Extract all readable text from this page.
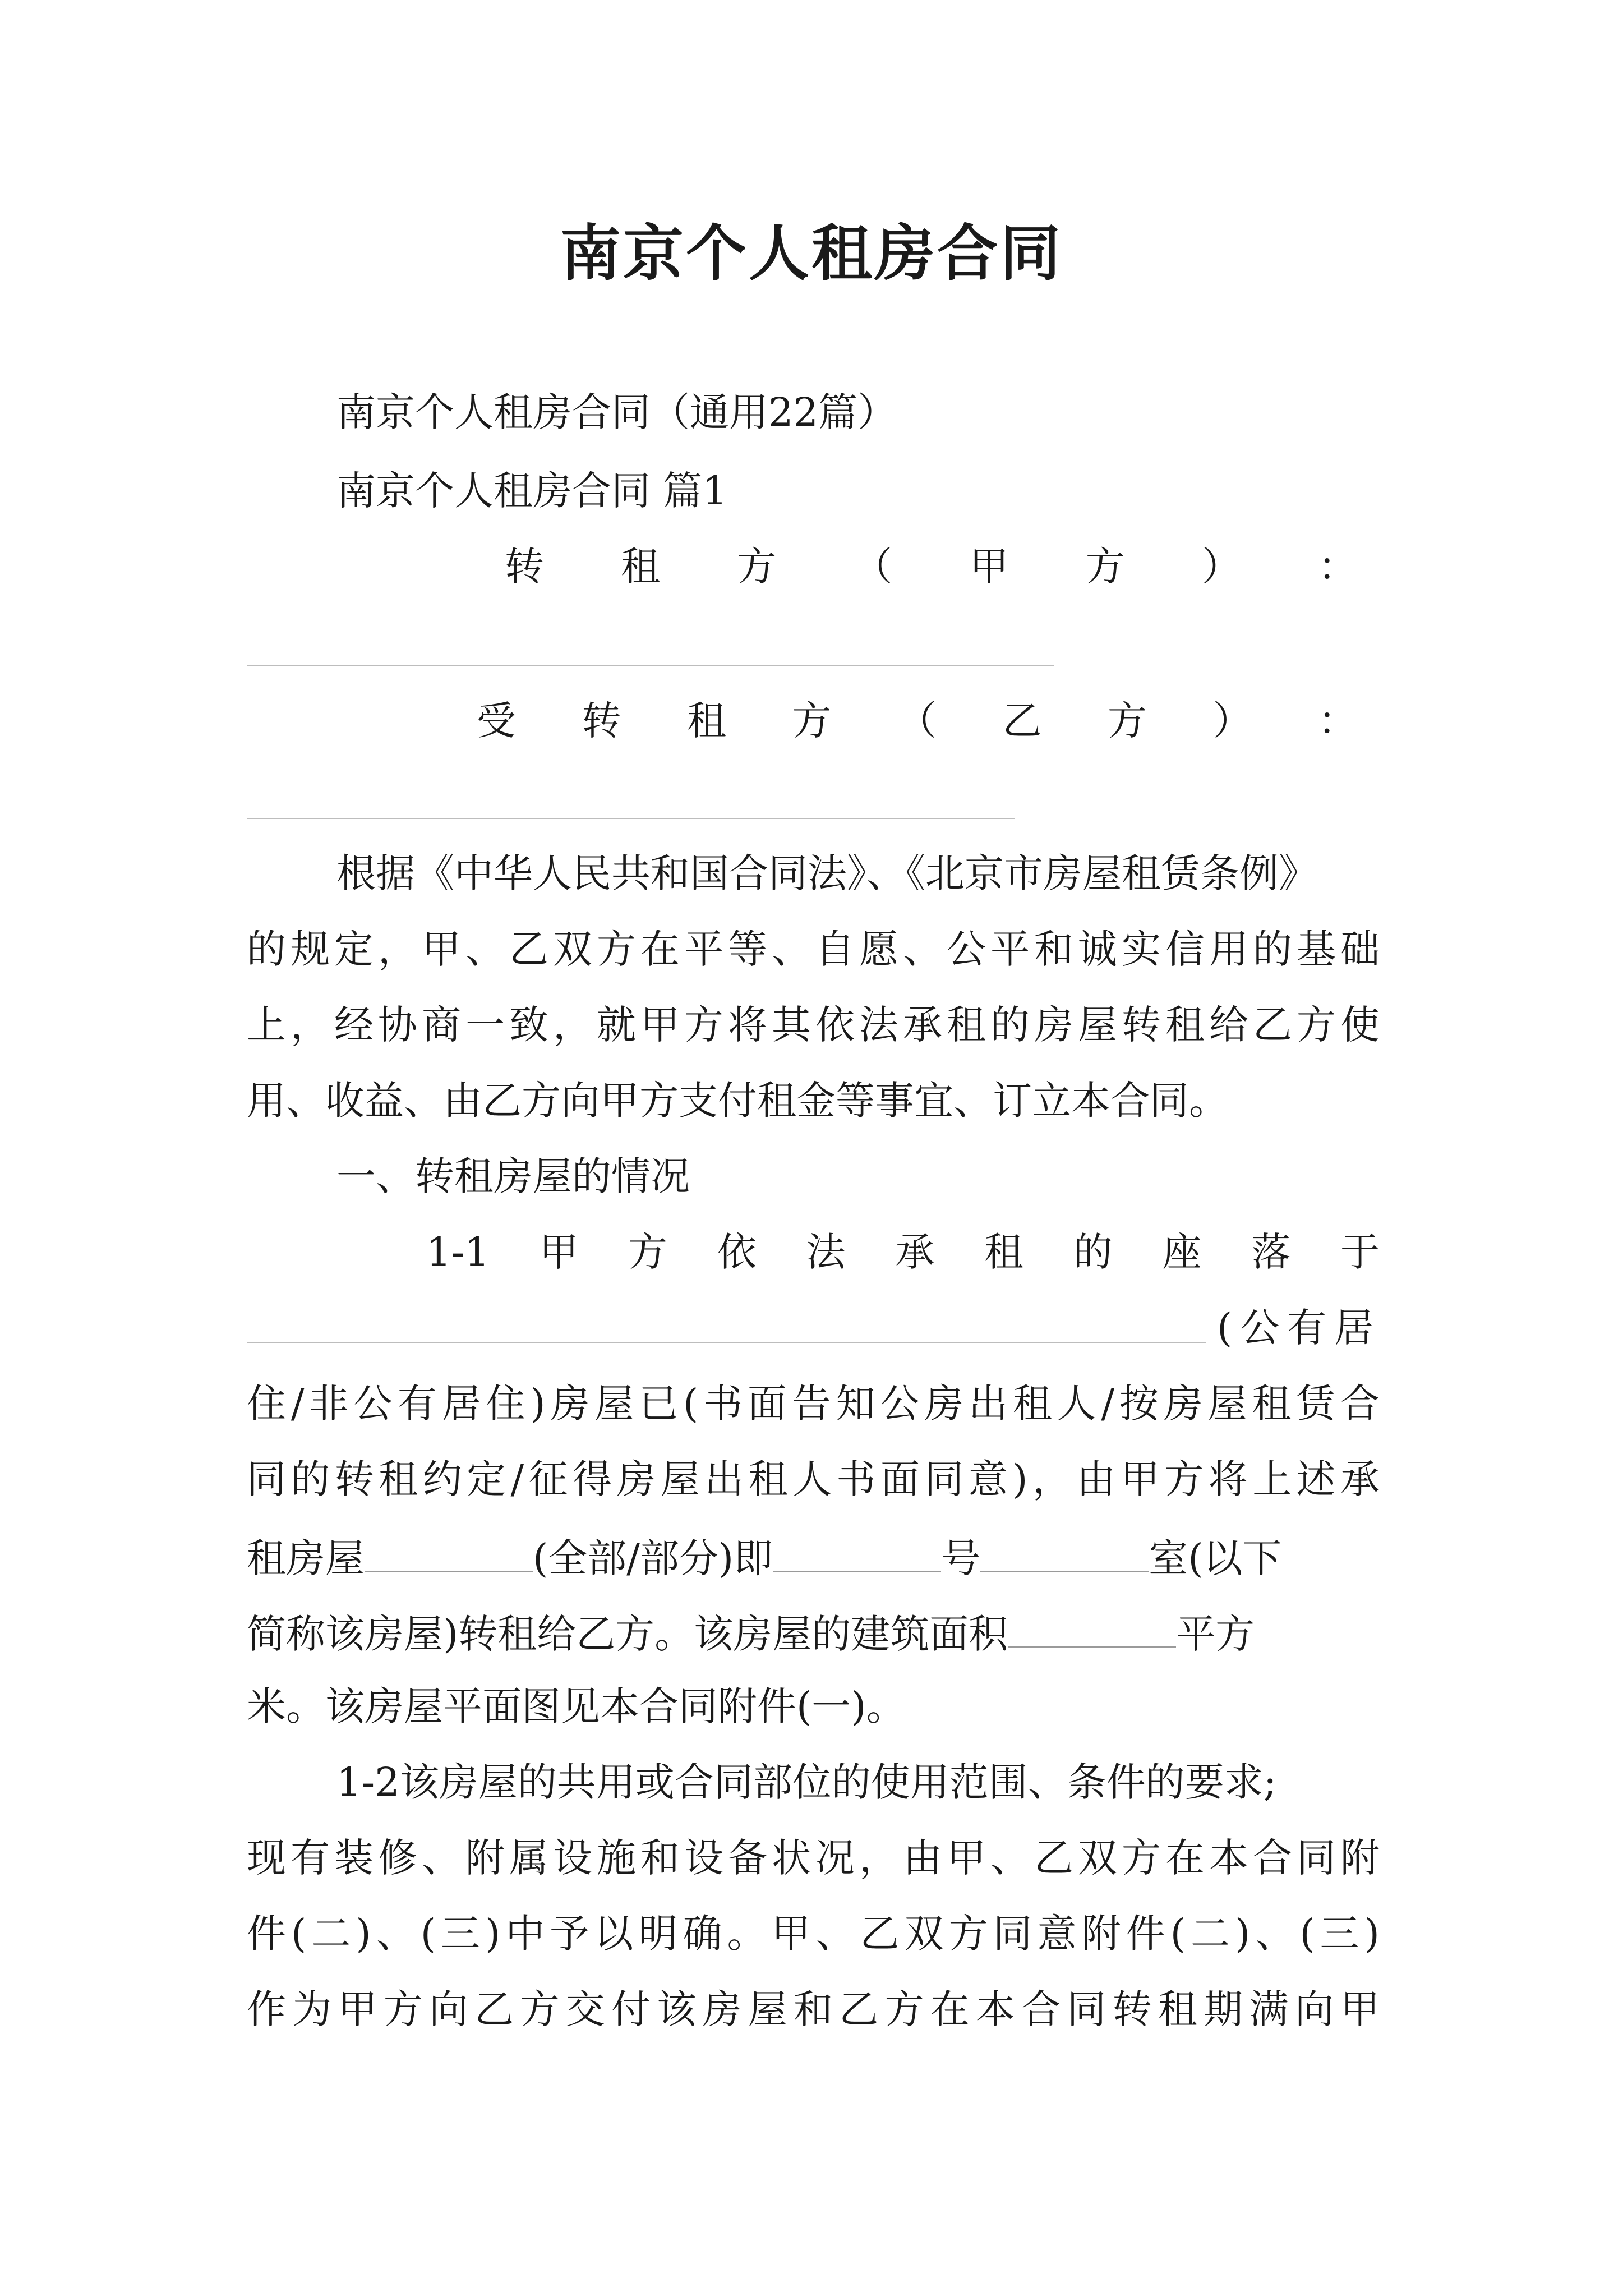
南京个人租房合同
南京个人租房合同（通用22篇）
南京个人租房合同 篇1
转 租 方 （ 甲 方 ） ：
受 转 租 方 （ 乙 方 ） ：
根据《中华人民共和国合同法》、《北京市房屋租赁条例》
的规定，甲、乙双方在平等、自愿、公平和诚实信用的基础
上，经协商一致，就甲方将其依法承租的房屋转租给乙方使
用、收益、由乙方向甲方支付租金等事宜、订立本合同。
一、转租房屋的情况
1-1 甲 方 依 法 承 租 的 座 落 于
(公有居
住/非公有居住)房屋已(书面告知公房出租人/按房屋租赁合
同的转租约定/征得房屋出租人书面同意)，由甲方将上述承
租房屋	(全部/部分)即	号	室(以下
简称该房屋)转租给乙方。该房屋的建筑面积	平方
米。该房屋平面图见本合同附件(一)。
1-2该房屋的共用或合同部位的使用范围、条件的要求;
现有装修、附属设施和设备状况，由甲、乙双方在本合同附
件(二)、(三)中予以明确。甲、乙双方同意附件(二)、(三)
作为甲方向乙方交付该房屋和乙方在本合同转租期满向甲
